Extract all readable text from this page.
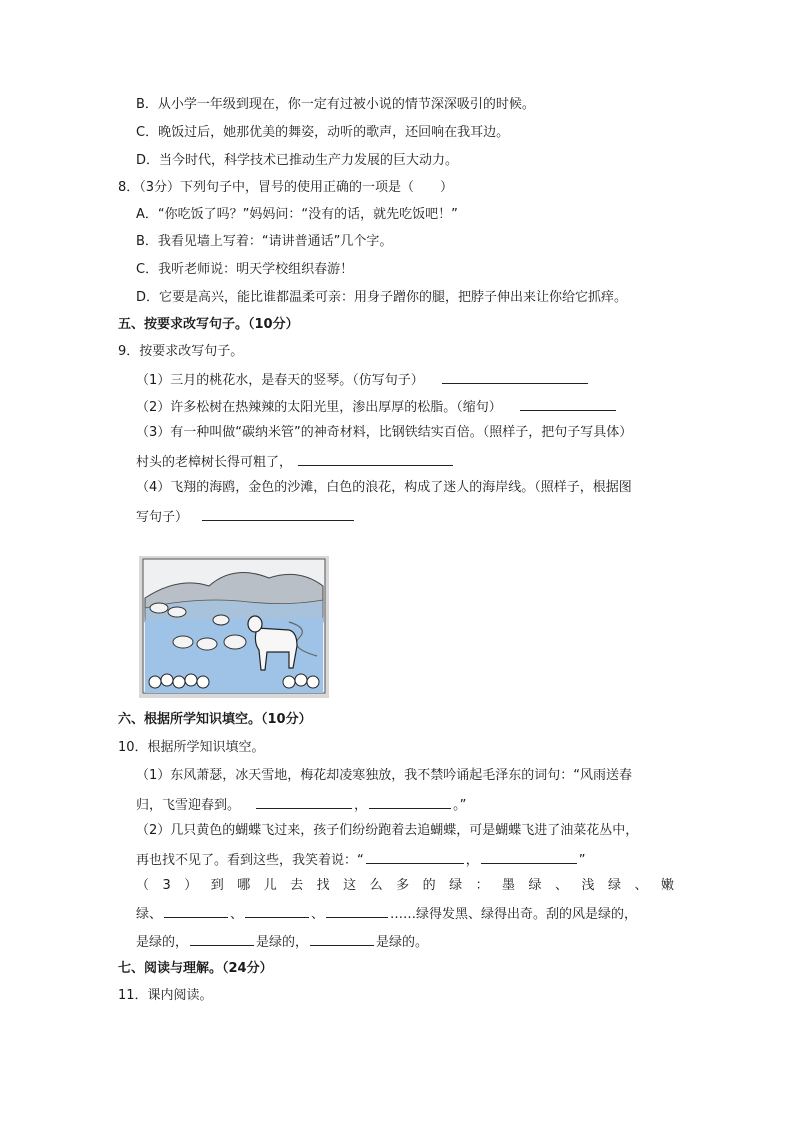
B．从小学一年级到现在，你一定有过被小说的情节深深吸引的时候。
C．晚饭过后，她那优美的舞姿，动听的歌声，还回响在我耳边。
D．当今时代，科学技术已推动生产力发展的巨大动力。
8．（3分）下列句子中，冒号的使用正确的一项是（　　）
A．“你吃饭了吗？”妈妈问：“没有的话，就先吃饭吧！”
B．我看见墙上写着：“请讲普通话”几个字。
C．我听老师说：明天学校组织春游！
D．它要是高兴，能比谁都温柔可亲：用身子蹭你的腿，把脖子伸出来让你给它抓痒。
五、按要求改写句子。（10分）
9．按要求改写句子。
（1）三月的桃花水，是春天的竖琴。（仿写句子）
（2）许多松树在热辣辣的太阳光里，渗出厚厚的松脂。（缩句）
（3）有一种叫做“碳纳米管”的神奇材料，比钢铁结实百倍。（照样子，把句子写具体）
村头的老樟树长得可粗了，
（4）飞翔的海鸥，金色的沙滩，白色的浪花，构成了迷人的海岸线。（照样子，根据图
写句子）
六、根据所学知识填空。（10分）
10．根据所学知识填空。
（1）东风萧瑟，冰天雪地，梅花却凌寒独放，我不禁吟诵起毛泽东的词句：“风雨送春
归，飞雪迎春到。	，	。”
（2）几只黄色的蝴蝶飞过来，孩子们纷纷跑着去追蝴蝶，可是蝴蝶飞进了油菜花丛中，
再也找不见了。看到这些，我笑着说：“	，	”
（ 3 ） 到 哪 儿 去 找 这 么 多 的 绿 ： 墨 绿 、 浅 绿 、 嫩
绿、	、	、	……绿得发黑、绿得出奇。刮的风是绿的，
是绿的，	是绿的，	是绿的。
七、阅读与理解。（24分）
11．课内阅读。
